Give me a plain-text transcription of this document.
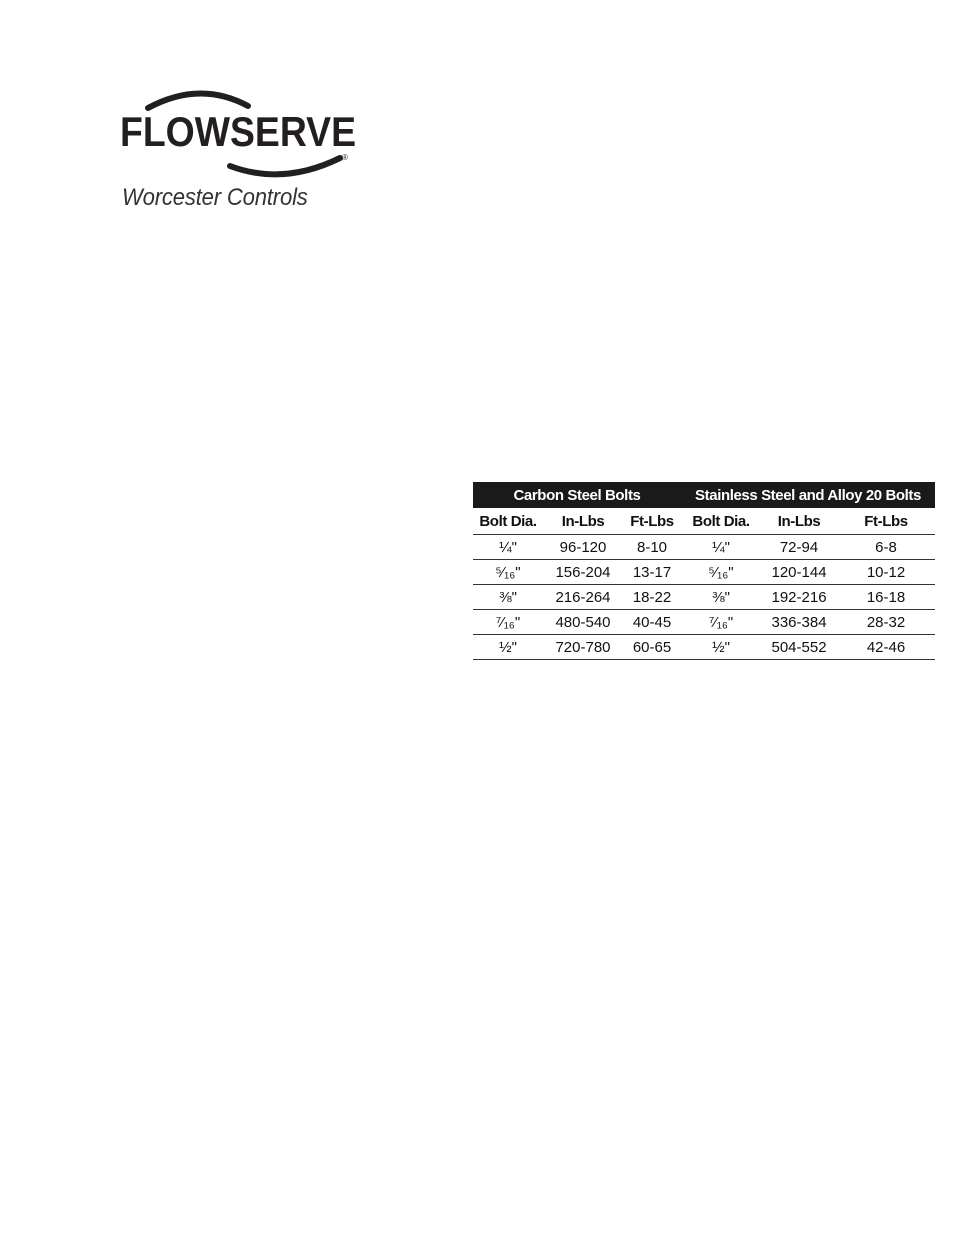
FLOWSERVE
®
Worcester Controls
Carbon Steel Bolts			Stainless Steel and Alloy 20 Bolts		
Bolt Dia.	In-Lbs	Ft-Lbs	Bolt Dia.	In-Lbs	Ft-Lbs
¼"	96-120	8-10	¼"	72-94	6-8
⁵⁄₁₆"	156-204	13-17	⁵⁄₁₆"	120-144	10-12
⅜"	216-264	18-22	⅜"	192-216	16-18
⁷⁄₁₆"	480-540	40-45	⁷⁄₁₆"	336-384	28-32
½"	720-780	60-65	½"	504-552	42-46
